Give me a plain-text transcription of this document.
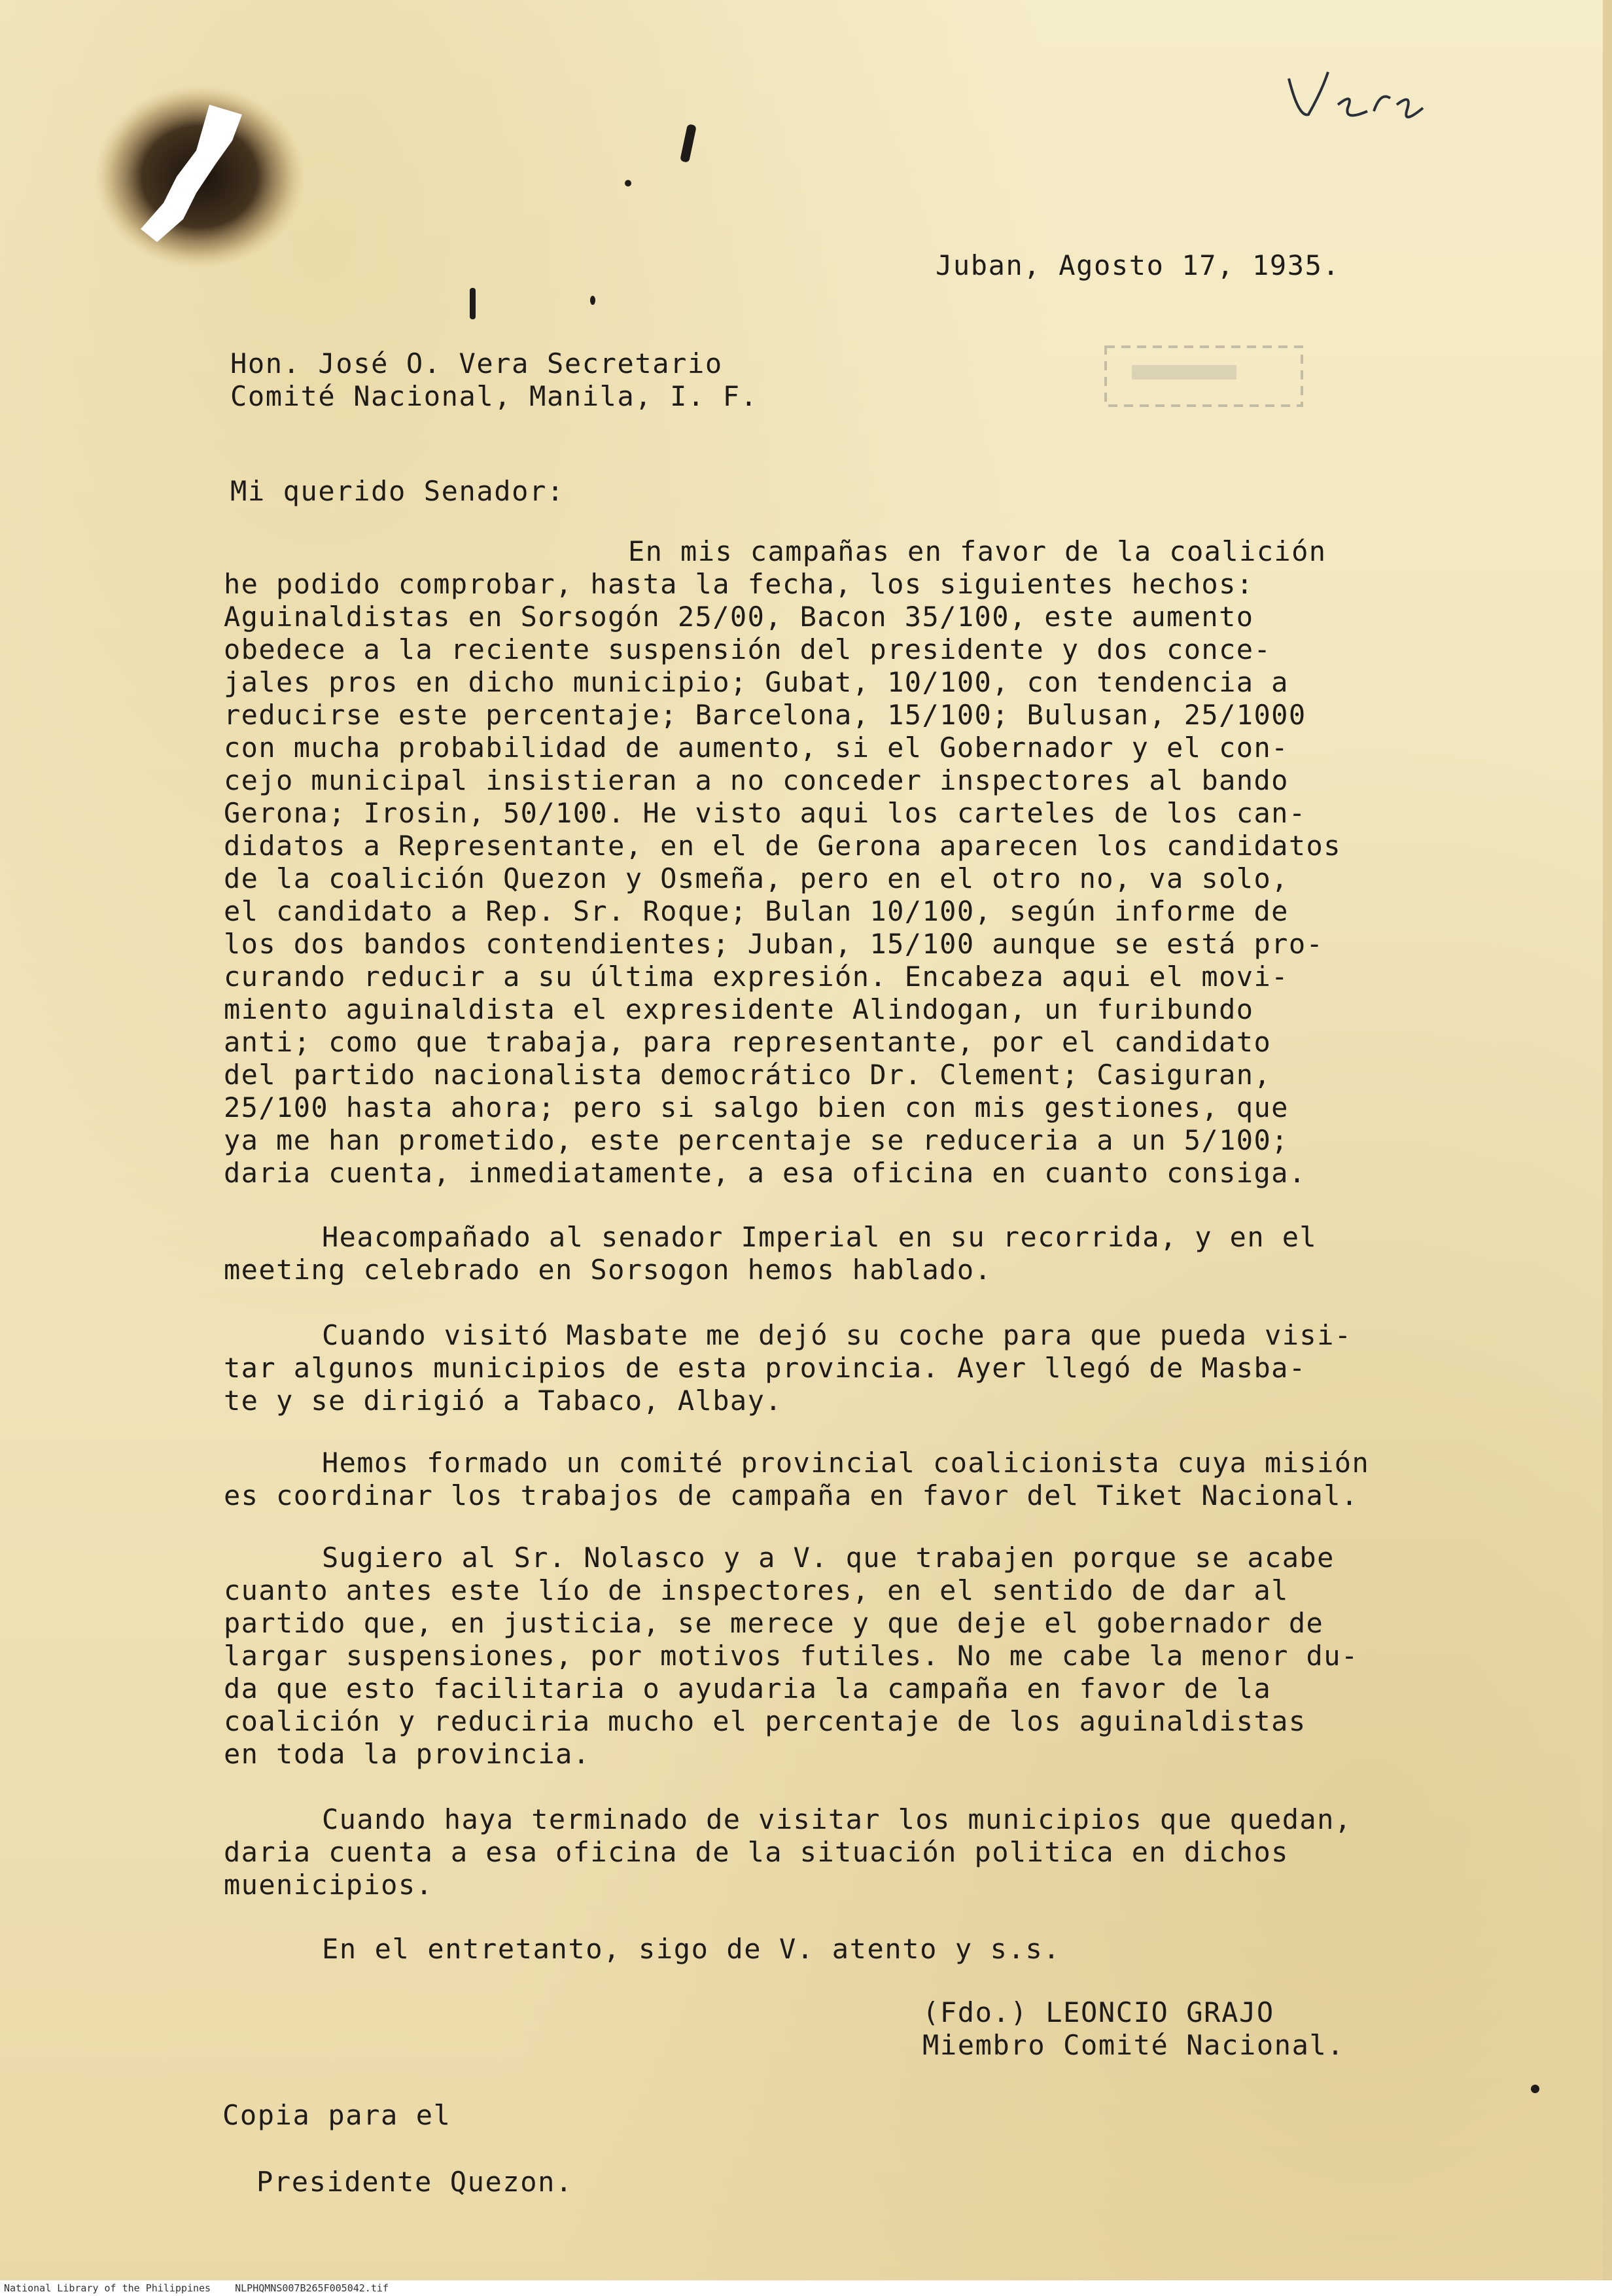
Juban, Agosto 17, 1935.
Hon. José O. Vera Secretario
Comité Nacional, Manila, I. F.
Mi querido Senador:
En mis campañas en favor de la coalición
he podido comprobar, hasta la fecha, los siguientes hechos:
Aguinaldistas en Sorsogón 25/00, Bacon 35/100, este aumento
obedece a la reciente suspensión del presidente y dos conce-
jales pros en dicho municipio; Gubat, 10/100, con tendencia a
reducirse este percentaje; Barcelona, 15/100; Bulusan, 25/1000
con mucha probabilidad de aumento, si el Gobernador y el con-
cejo municipal insistieran a no conceder inspectores al bando
Gerona; Irosin, 50/100. He visto aqui los carteles de los can-
didatos a Representante, en el de Gerona aparecen los candidatos
de la coalición Quezon y Osmeña, pero en el otro no, va solo,
el candidato a Rep. Sr. Roque; Bulan 10/100, según informe de
los dos bandos contendientes; Juban, 15/100 aunque se está pro-
curando reducir a su última expresión. Encabeza aqui el movi-
miento aguinaldista el expresidente Alindogan, un furibundo
anti; como que trabaja, para representante, por el candidato
del partido nacionalista democrático Dr. Clement; Casiguran,
25/100 hasta ahora; pero si salgo bien con mis gestiones, que
ya me han prometido, este percentaje se reduceria a un 5/100;
daria cuenta, inmediatamente, a esa oficina en cuanto consiga.
Heacompañado al senador Imperial en su recorrida, y en el
meeting celebrado en Sorsogon hemos hablado.
Cuando visitó Masbate me dejó su coche para que pueda visi-
tar algunos municipios de esta provincia. Ayer llegó de Masba-
te y se dirigió a Tabaco, Albay.
Hemos formado un comité provincial coalicionista cuya misión
es coordinar los trabajos de campaña en favor del Tiket Nacional.
Sugiero al Sr. Nolasco y a V. que trabajen porque se acabe
cuanto antes este lío de inspectores, en el sentido de dar al
partido que, en justicia, se merece y que deje el gobernador de
largar suspensiones, por motivos futiles. No me cabe la menor du-
da que esto facilitaria o ayudaria la campaña en favor de la
coalición y reduciria mucho el percentaje de los aguinaldistas
en toda la provincia.
Cuando haya terminado de visitar los municipios que quedan,
daria cuenta a esa oficina de la situación politica en dichos
muenicipios.
En el entretanto, sigo de V. atento y s.s.
(Fdo.) LEONCIO GRAJO
Miembro Comité Nacional.
Copia para el
Presidente Quezon.
National Library of the Philippines NLPHQMNS007B265F005042.tif
